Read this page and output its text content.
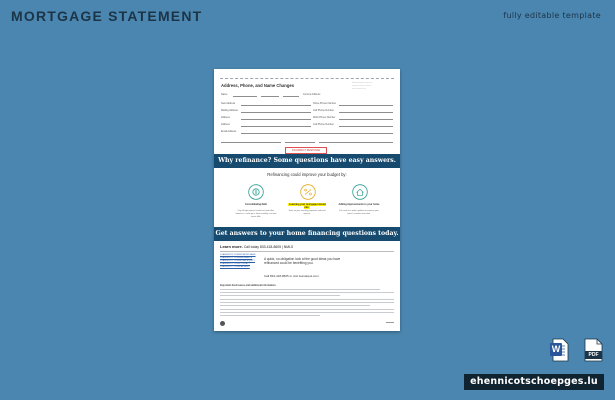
MORTGAGE STATEMENT	fully editable template
Address, Phone, and Name Changes	□ ─────── ─── ─
──── ─── ─ ───
─── ─── ──
Name	Current Address
New Address	Home Phone Number
Mailing Address	Cell Phone Number
Address	Work Phone Number
Address	Cell Phone Number
Email Address
INCORRECT RESPONSE
Why refinance? Some questions have easy answers.
Refinancing could improve your budget by:
Consolidating Debt	Lowering your mortgage interest rate
Adding improvements to your home
Pay off high-interest credit card and other balances - could get a lower monthly cost and easier bills.
Save on your monthly payments and total interest.
Put cash in to make updates to improve your home's comfort and value.
Get answers to your home financing questions today.
Learn more. Call today 833-418-8605 | NMLS
LOANDEPOT.COM/MYMORTGAGE
LOANDEPOT.COM/REFINANCE
LOANDEPOT.COM/HOME-EQUITY
LOANDEPOT.COM/CONTACT
LOANDEPOT.COM/PAYMENT
A quick, no-obligation look at the good ideas you have refinanced could be benefiting you.
Call 833-418-8605 or visit loandepot.com
Important disclosures and additional information
▬▬▬▬
W
PDF
ehennicotschoepges.lu
